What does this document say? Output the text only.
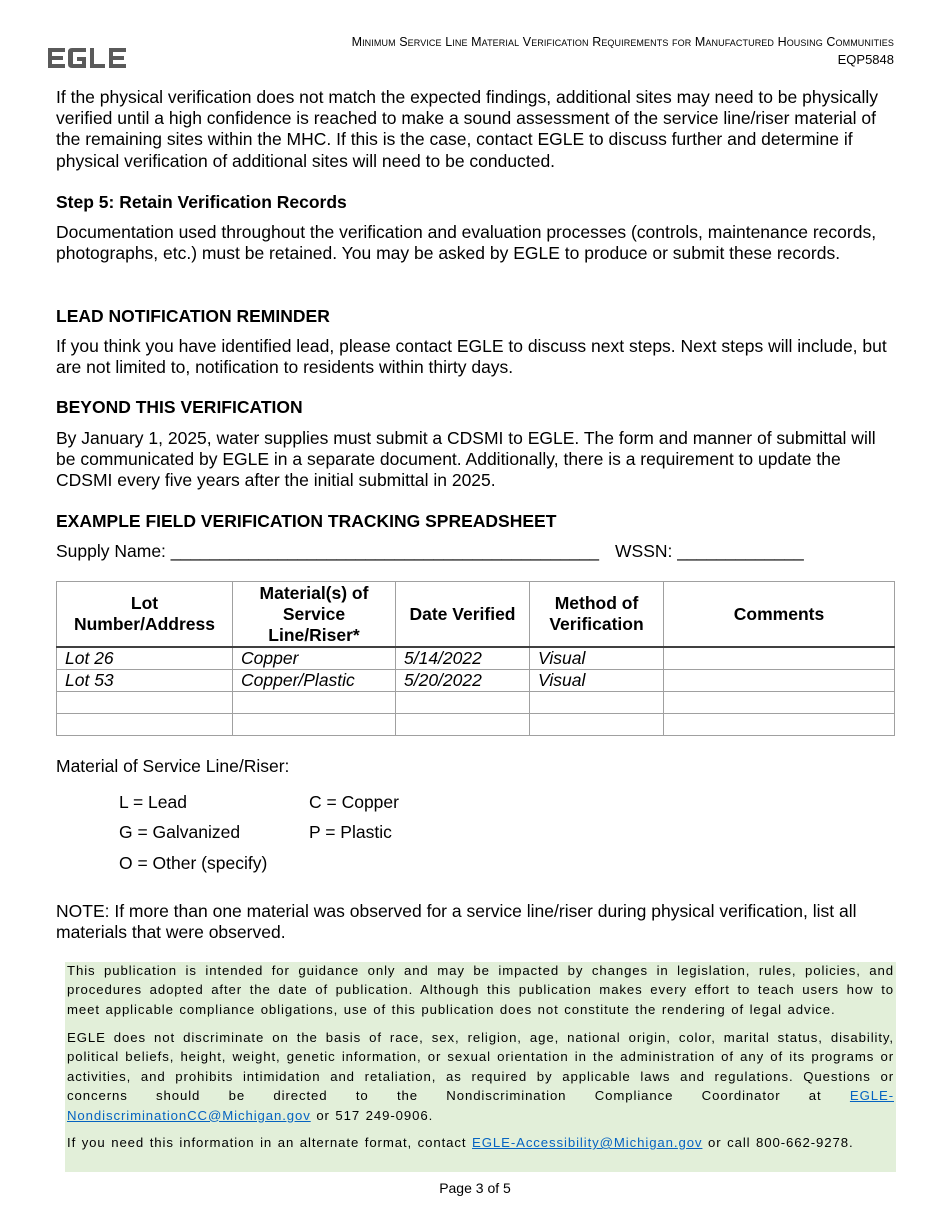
Minimum Service Line Material Verification Requirements for Manufactured Housing Communities
EQP5848
If the physical verification does not match the expected findings, additional sites may need to be physically verified until a high confidence is reached to make a sound assessment of the service line/riser material of the remaining sites within the MHC. If this is the case, contact EGLE to discuss further and determine if physical verification of additional sites will need to be conducted.
Step 5: Retain Verification Records
Documentation used throughout the verification and evaluation processes (controls, maintenance records, photographs, etc.) must be retained. You may be asked by EGLE to produce or submit these records.
LEAD NOTIFICATION REMINDER
If you think you have identified lead, please contact EGLE to discuss next steps. Next steps will include, but are not limited to, notification to residents within thirty days.
BEYOND THIS VERIFICATION
By January 1, 2025, water supplies must submit a CDSMI to EGLE. The form and manner of submittal will be communicated by EGLE in a separate document. Additionally, there is a requirement to update the CDSMI every five years after the initial submittal in 2025.
EXAMPLE FIELD VERIFICATION TRACKING SPREADSHEET
Supply Name: ____________________________________________ WSSN: _____________
Lot Number/Address	Material(s) of Service Line/Riser*	Date Verified	Method of Verification	Comments
Lot 26	Copper	5/14/2022	Visual	
Lot 53	Copper/Plastic	5/20/2022	Visual	

Material of Service Line/Riser:
L = Lead	C = Copper
G = Galvanized	P = Plastic
O = Other (specify)
NOTE: If more than one material was observed for a service line/riser during physical verification, list all materials that were observed.
This publication is intended for guidance only and may be impacted by changes in legislation, rules, policies, and procedures adopted after the date of publication. Although this publication makes every effort to teach users how to meet applicable compliance obligations, use of this publication does not constitute the rendering of legal advice.
EGLE does not discriminate on the basis of race, sex, religion, age, national origin, color, marital status, disability, political beliefs, height, weight, genetic information, or sexual orientation in the administration of any of its programs or activities, and prohibits intimidation and retaliation, as required by applicable laws and regulations. Questions or concerns should be directed to the Nondiscrimination Compliance Coordinator at EGLE-NondiscriminationCC@Michigan.gov or 517 249-0906.
If you need this information in an alternate format, contact EGLE-Accessibility@Michigan.gov or call 800-662-9278.
Page 3 of 5
